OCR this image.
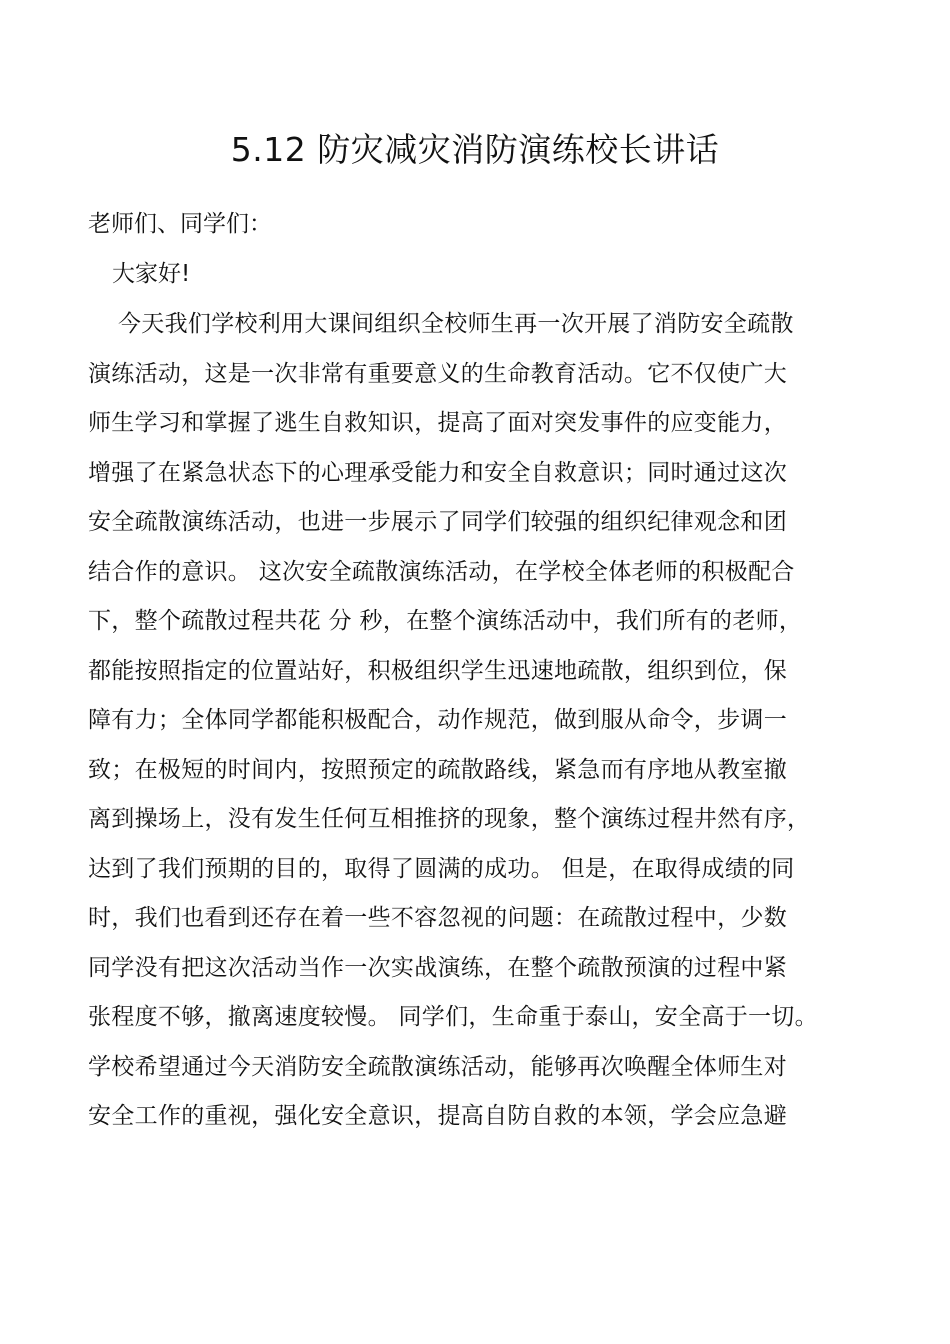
5.12 防灾减灾消防演练校长讲话
老师们、同学们：
大家好!
今天我们学校利用大课间组织全校师生再一次开展了消防安全疏散
演练活动，这是一次非常有重要意义的生命教育活动。它不仅使广大
师生学习和掌握了逃生自救知识，提高了面对突发事件的应变能力，
增强了在紧急状态下的心理承受能力和安全自救意识；同时通过这次
安全疏散演练活动，也进一步展示了同学们较强的组织纪律观念和团
结合作的意识。 这次安全疏散演练活动，在学校全体老师的积极配合
下，整个疏散过程共花 分 秒，在整个演练活动中，我们所有的老师，
都能按照指定的位置站好，积极组织学生迅速地疏散，组织到位，保
障有力；全体同学都能积极配合，动作规范，做到服从命令，步调一
致；在极短的时间内，按照预定的疏散路线，紧急而有序地从教室撤
离到操场上，没有发生任何互相推挤的现象，整个演练过程井然有序，
达到了我们预期的目的，取得了圆满的成功。 但是，在取得成绩的同
时，我们也看到还存在着一些不容忽视的问题：在疏散过程中，少数
同学没有把这次活动当作一次实战演练，在整个疏散预演的过程中紧
张程度不够，撤离速度较慢。 同学们，生命重于泰山，安全高于一切。
学校希望通过今天消防安全疏散演练活动，能够再次唤醒全体师生对
安全工作的重视，强化安全意识，提高自防自救的本领，学会应急避
